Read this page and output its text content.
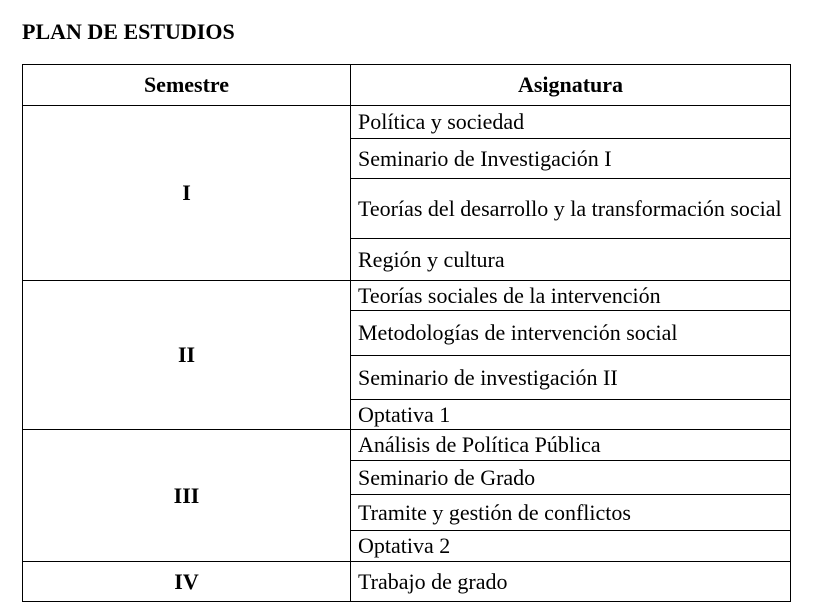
PLAN DE ESTUDIOS
Semestre	Asignatura
I	Política y sociedad
	Seminario de Investigación I
	Teorías del desarrollo y la transformación social
	Región y cultura
II	Teorías sociales de la intervención
	Metodologías de intervención social
	Seminario de investigación II
	Optativa 1
III	Análisis de Política Pública
	Seminario de Grado
	Tramite y gestión de conflictos
	Optativa 2
IV	Trabajo de grado
